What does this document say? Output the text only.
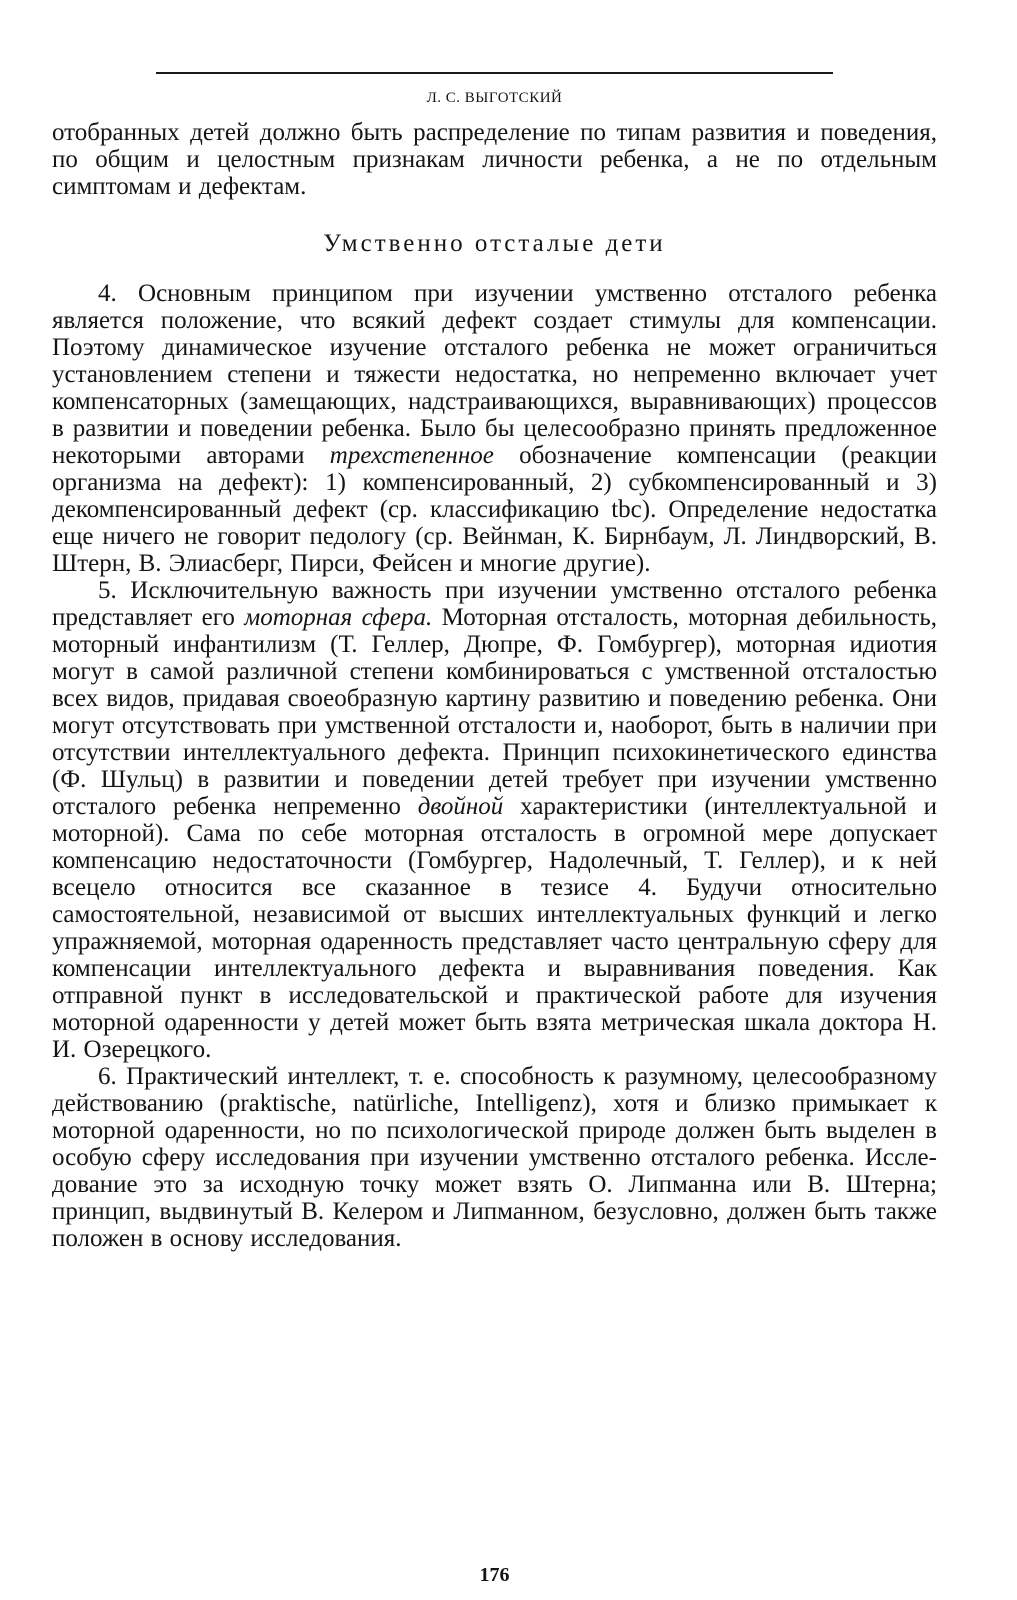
Л. С. ВЫГОТСКИЙ

отобранных детей должно быть распределение по типам развития и поведения, по общим и целостным признакам личности ребенка, а не по отдельным симптомам и дефектам.

Умственно отсталые дети

4. Основным принципом при изучении умственно отсталого ребенка является положение, что всякий дефект создает стимулы для компенсации. Поэтому динамическое изучение отсталого ребенка не может ограничиться установлением степени и тяжести недостатка, но непременно включает учет компенсаторных (замещающих, надстраивающихся, выравнивающих) процессов в развитии и поведении ребенка. Было бы целесообразно принять предложенное некоторыми авторами трехстепенное обозначение компенсации (реакции организма на дефект): 1) компенсированный, 2) субкомпенсированный и 3) декомпенсированный дефект (ср. классификацию tbc). Определение недостатка еще ничего не говорит педологу (ср. Вейнман, К. Бирнбаум, Л. Линдворский, В. Штерн, В. Элиасберг, Пирси, Фейсен и многие другие).

5. Исключительную важность при изучении умственно отсталого ребенка представляет его моторная сфера. Моторная отсталость, моторная дебильность, моторный инфантилизм (Т. Геллер, Дюпре, Ф. Гомбургер), моторная идиотия могут в самой различной степени комбинироваться с умственной отсталостью всех видов, придавая своеобразную картину развитию и поведению ребенка. Они могут отсутствовать при умственной отсталости и, наоборот, быть в наличии при отсутствии интеллектуального дефекта. Принцип психокинетического единства (Ф. Шульц) в развитии и поведении детей требует при изучении умственно отсталого ребенка непременно двойной характеристики (интеллектуальной и моторной). Сама по себе моторная отсталость в огромной мере допускает компенсацию недостаточности (Гомбургер, Надолечный, Т. Геллер), и к ней всецело относится все сказанное в тезисе 4. Будучи относительно самостоятельной, независимой от высших интеллектуальных функций и легко упражняемой, моторная одаренность представляет часто центральную сферу для компенсации интеллектуального дефекта и выравнивания поведения. Как отправной пункт в исследовательской и практической работе для изучения моторной одаренности у детей может быть взята метрическая шкала доктора Н. И. Озерецкого.

6. Практический интеллект, т. е. способность к разумному, целесообразному действованию (praktische, natürliche, Intelligenz), хотя и близко примыкает к моторной одаренности, но по психологической природе должен быть выделен в особую сферу исследования при изучении умственно отсталого ребенка. Исследование это за исходную точку может взять О. Липманна или В. Штерна; принцип, выдвинутый В. Келером и Липманном, безусловно, должен быть также положен в основу исследования.

176
